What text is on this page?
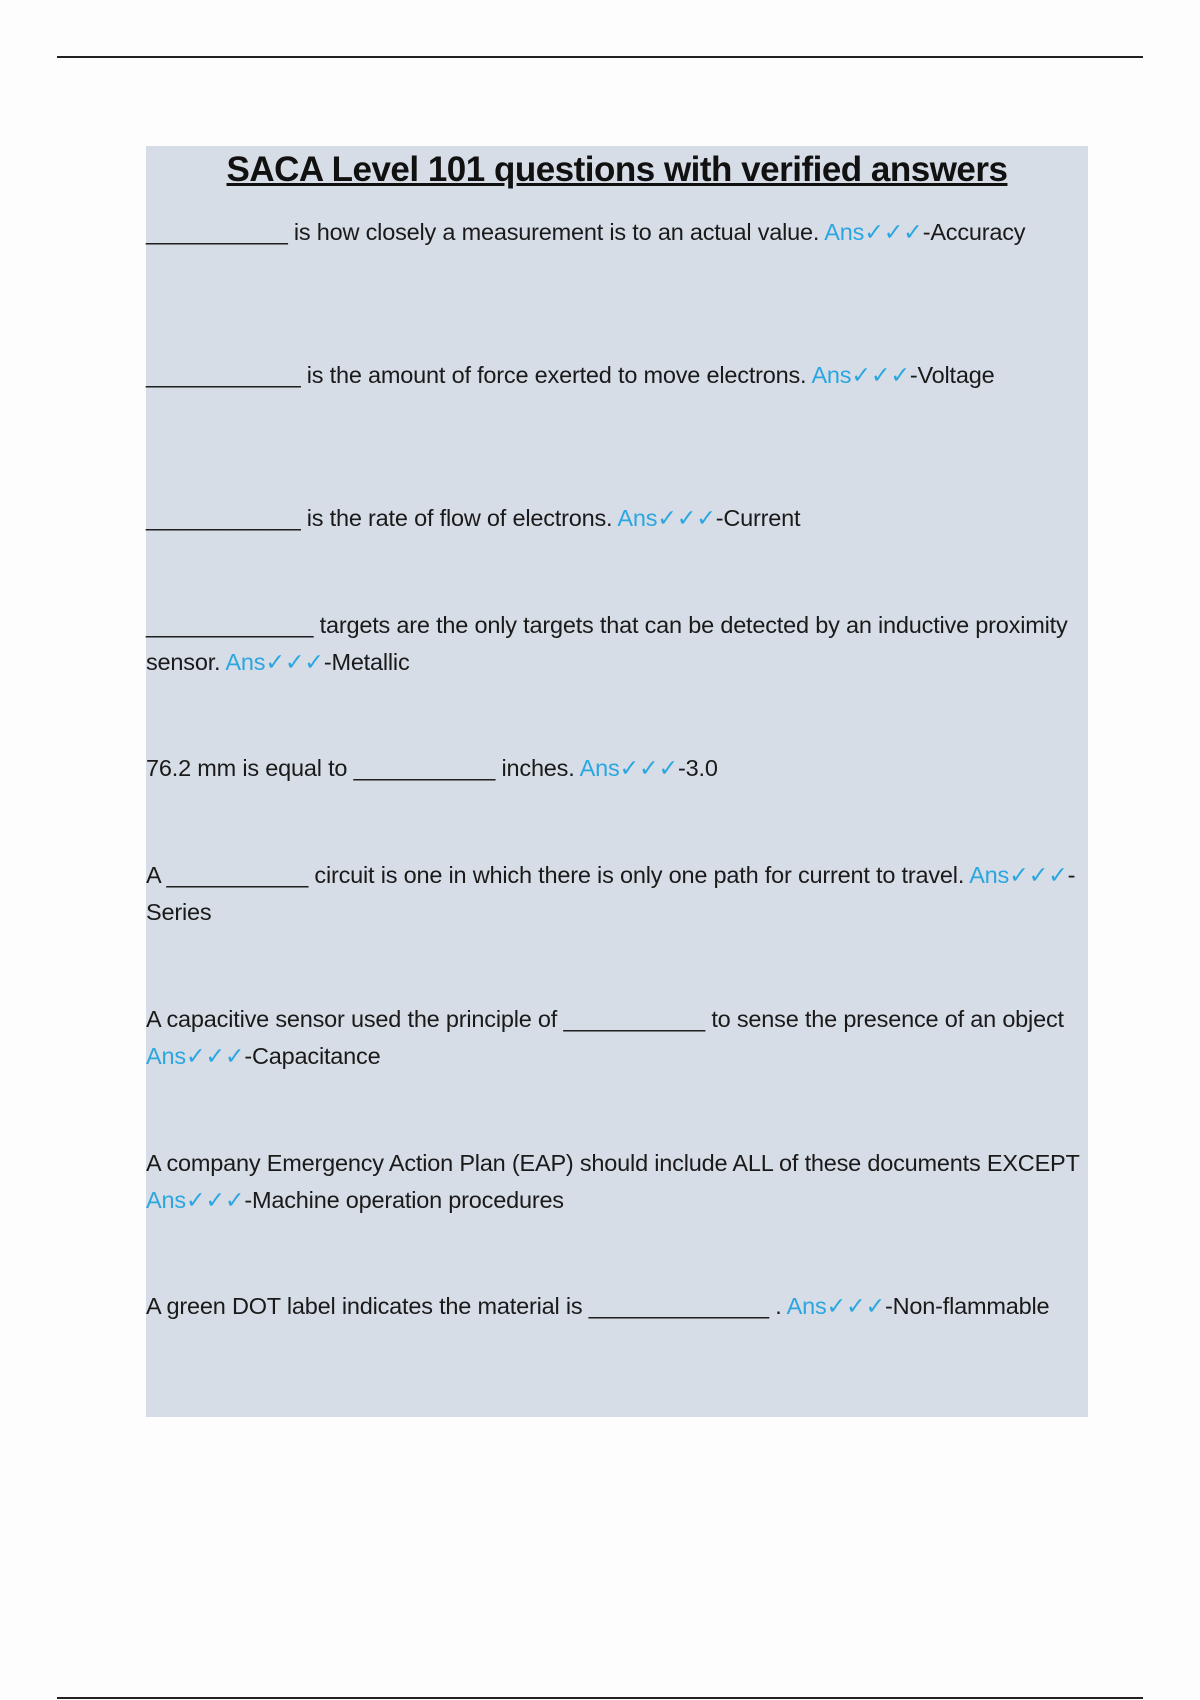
SACA Level 101 questions with verified answers
___________ is how closely a measurement is to an actual value. Ans✓✓✓-Accuracy
____________ is the amount of force exerted to move electrons. Ans✓✓✓-Voltage
____________ is the rate of flow of electrons. Ans✓✓✓-Current
_____________ targets are the only targets that can be detected by an inductive proximity sensor. Ans✓✓✓-Metallic
76.2 mm is equal to ___________ inches. Ans✓✓✓-3.0
A ___________ circuit is one in which there is only one path for current to travel. Ans✓✓✓-Series
A capacitive sensor used the principle of ___________ to sense the presence of an object Ans✓✓✓-Capacitance
A company Emergency Action Plan (EAP) should include ALL of these documents EXCEPT Ans✓✓✓-Machine operation procedures
A green DOT label indicates the material is ______________ . Ans✓✓✓-Non-flammable
